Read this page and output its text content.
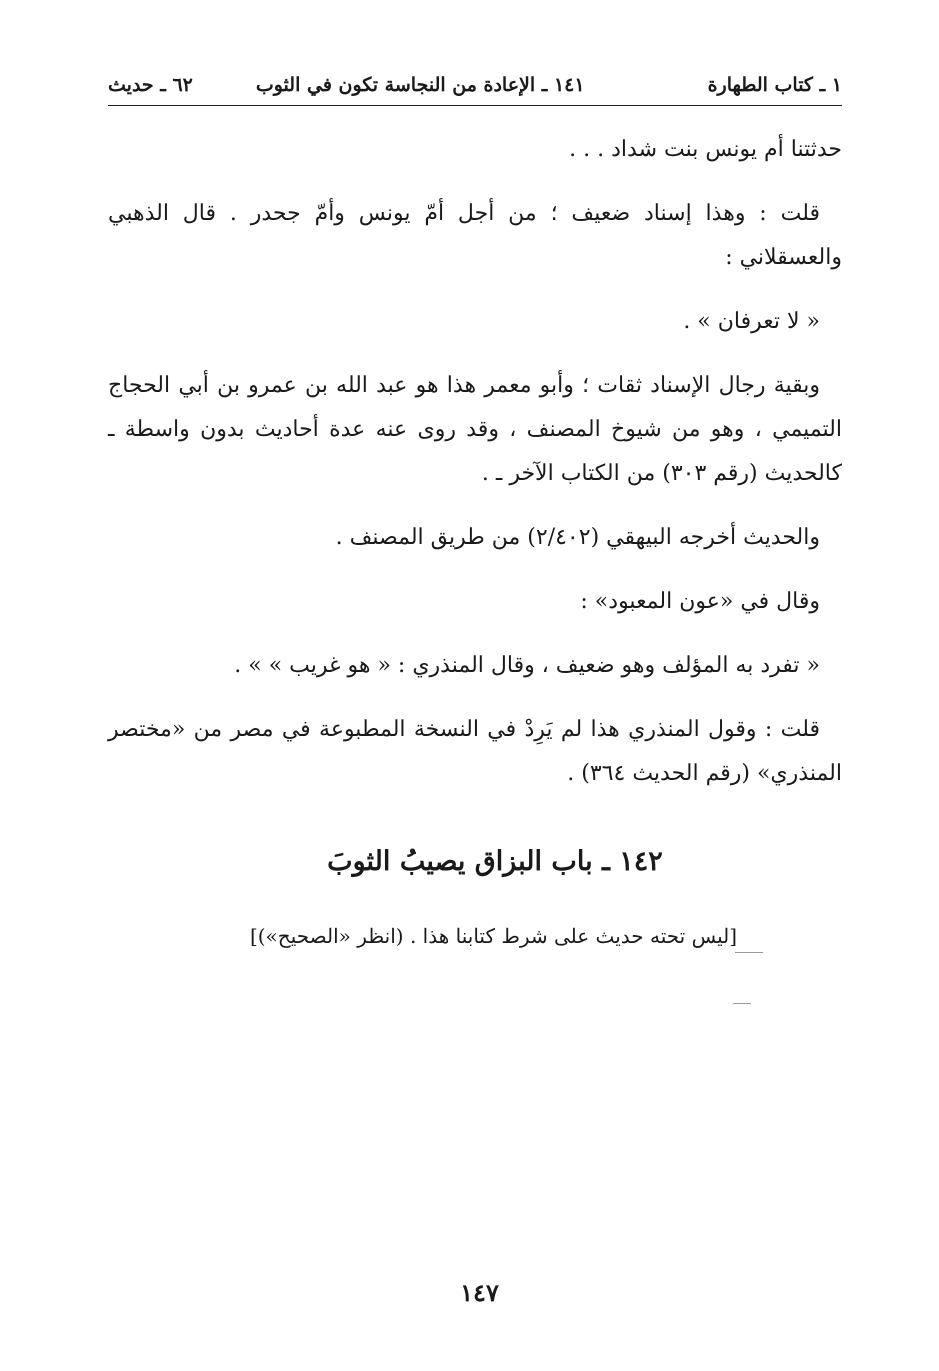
١ ـ كتاب الطهارة
١٤١ ـ الإعادة من النجاسة تكون في الثوب
٦٢ ـ حديث

حدثتنا أم يونس بنت شداد . . .

قلت : وهذا إسناد ضعيف ؛ من أجل أمّ يونس وأمّ جحدر . قال الذهبي والعسقلاني :

« لا تعرفان » .

وبقية رجال الإسناد ثقات ؛ وأبو معمر هذا هو عبد الله بن عمرو بن أبي الحجاج التميمي ، وهو من شيوخ المصنف ، وقد روى عنه عدة أحاديث بدون واسطة ـ كالحديث (رقم ٣٠٣) من الكتاب الآخر ـ .

والحديث أخرجه البيهقي (٢/٤٠٢) من طريق المصنف .

وقال في «عون المعبود» :

« تفرد به المؤلف وهو ضعيف ، وقال المنذري : « هو غريب » » .

قلت : وقول المنذري هذا لم يَرِدْ في النسخة المطبوعة في مصر من «مختصر المنذري» (رقم الحديث ٣٦٤) .

١٤٢ ـ باب البزاق يصيبُ الثوبَ

[ليس تحته حديث على شرط كتابنا هذا . (انظر «الصحيح»)]

١٤٧
